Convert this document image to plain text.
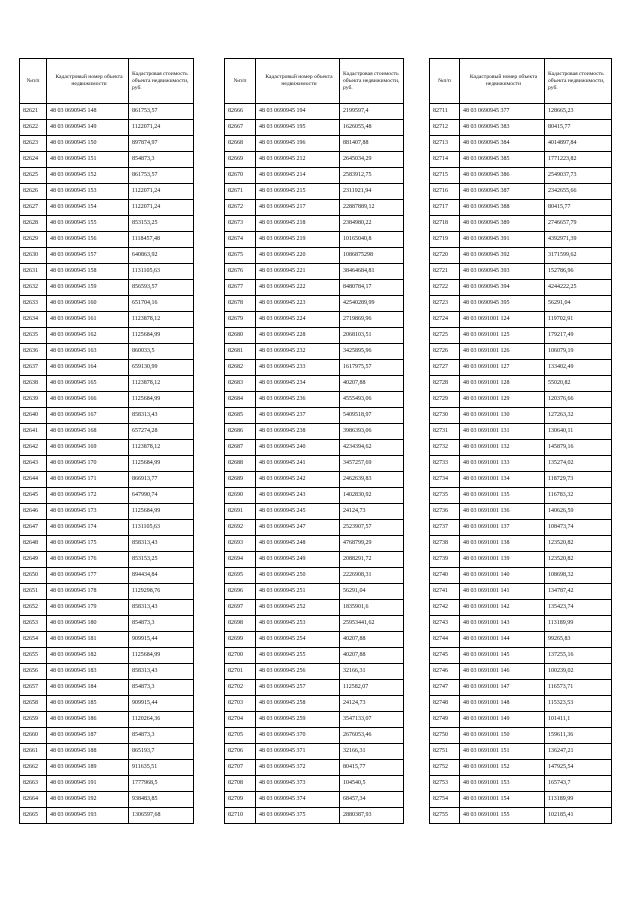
№п/п	Кадастровый номер объекта недвижимости	Кадастровая стоимость объекта недвижимости, руб.
82621	48 03 0690945 148	861753,57
82622	48 03 0690945 149	1122071,24
82623	48 03 0690945 150	897874,97
82624	48 03 0690945 151	854873,3
82625	48 03 0690945 152	861753,57
82626	48 03 0690945 153	1122071,24
82627	48 03 0690945 154	1122071,24
82628	48 03 0690945 155	853153,25
82629	48 03 0690945 156	1118457,48
82630	48 03 0690945 157	640863,92
82631	48 03 0690945 158	1131105,63
82632	48 03 0690945 159	856593,57
82633	48 03 0690945 160	651704,16
82634	48 03 0690945 161	1123878,12
82635	48 03 0690945 162	1125684,99
82636	48 03 0690945 163	860033,5
82637	48 03 0690945 164	659130,99
82638	48 03 0690945 165	1123878,12
82639	48 03 0690945 166	1125684,99
82640	48 03 0690945 167	858313,43
82641	48 03 0690945 168	657274,28
82642	48 03 0690945 169	1123878,12
82643	48 03 0690945 170	1125684,99
82644	48 03 0690945 171	866913,77
82645	48 03 0690945 172	647990,74
82646	48 03 0690945 173	1125684,99
82647	48 03 0690945 174	1131105,63
82648	48 03 0690945 175	858313,43
82649	48 03 0690945 176	853153,25
82650	48 03 0690945 177	894434,84
82651	48 03 0690945 178	1129298,76
82652	48 03 0690945 179	858313,43
82653	48 03 0690945 180	854873,3
82654	48 03 0690945 181	909915,44
82655	48 03 0690945 182	1125684,99
82656	48 03 0690945 183	858313,43
82657	48 03 0690945 184	854873,3
82658	48 03 0690945 185	909915,44
82659	48 03 0690945 186	1120264,36
82660	48 03 0690945 187	854873,3
82661	48 03 0690945 188	865193,7
82662	48 03 0690945 189	911635,51
82663	48 03 0690945 191	1777968,5
82664	48 03 0690945 192	938483,85
82665	48 03 0690945 193	1306597,68
№п/п	Кадастровый номер объекта недвижимости	Кадастровая стоимость объекта недвижимости, руб.
82666	48 03 0690945 194	2199597,4
82667	48 03 0690945 195	1626055,48
82668	48 03 0690945 196	881407,88
82669	48 03 0690945 212	2645034,29
82670	48 03 0690945 214	2583912,75
82671	48 03 0690945 215	2311921,94
82672	48 03 0690945 217	22887889,12
82673	48 03 0690945 218	2384980,22
82674	48 03 0690945 219	10165040,8
82675	48 03 0690945 220	1086875298
82676	48 03 0690945 221	38464684,81
82677	48 03 0690945 222	8480784,17
82678	48 03 0690945 223	42540289,99
82679	48 03 0690945 224	2719869,96
82680	48 03 0690945 228	2068103,51
82681	48 03 0690945 232	3425895,96
82682	48 03 0690945 233	1617975,57
82683	48 03 0690945 234	40207,88
82684	48 03 0690945 236	4555493,06
82685	48 03 0690945 237	5409518,97
82686	48 03 0690945 238	3986393,06
82687	48 03 0690945 240	4234394,62
82688	48 03 0690945 241	3457257,69
82689	48 03 0690945 242	2462639,83
82690	48 03 0690945 243	1402830,92
82691	48 03 0690945 245	24124,73
82692	48 03 0690945 247	2523907,57
82693	48 03 0690945 248	4768799,29
82694	48 03 0690945 249	2088291,72
82695	48 03 0690945 250	2226908,31
82696	48 03 0690945 251	56291,04
82697	48 03 0690945 252	1835901,6
82698	48 03 0690945 253	25953441,62
82699	48 03 0690945 254	40207,88
82700	48 03 0690945 255	40207,88
82701	48 03 0690945 256	32166,31
82702	48 03 0690945 257	112582,07
82703	48 03 0690945 258	24124,73
82704	48 03 0690945 259	3547133,07
82705	48 03 0690945 370	2676053,46
82706	48 03 0690945 371	32166,31
82707	48 03 0690945 372	80415,77
82708	48 03 0690945 373	104540,5
82709	48 03 0690945 374	68457,34
82710	48 03 0690945 375	2880387,93
№п/п	Кадастровый номер объекта недвижимости	Кадастровая стоимость объекта недвижимости, руб.
82711	48 03 0690945 377	128665,23
82712	48 03 0690945 383	80415,77
82713	48 03 0690945 384	4014897,84
82714	48 03 0690945 385	1771223,82
82715	48 03 0690945 386	2549037,73
82716	48 03 0690945 387	2342655,66
82717	48 03 0690945 388	80415,77
82718	48 03 0690945 389	2746657,79
82719	48 03 0690945 391	4392971,39
82720	48 03 0690945 392	3171599,62
82721	48 03 0690945 393	152786,96
82722	48 03 0690945 394	4244222,25
82723	48 03 0690945 395	56291,04
82724	48 03 0691001 124	119702,91
82725	48 03 0691001 125	179217,49
82726	48 03 0691001 126	106079,19
82727	48 03 0691001 127	133402,49
82728	48 03 0691001 128	55020,82
82729	48 03 0691001 129	120376,66
82730	48 03 0691001 130	127263,32
82731	48 03 0691001 131	130640,11
82732	48 03 0691001 132	145879,16
82733	48 03 0691001 133	135274,02
82734	48 03 0691001 134	118729,73
82735	48 03 0691001 135	116783,32
82736	48 03 0691001 136	140626,59
82737	48 03 0691001 137	108473,74
82738	48 03 0691001 138	123520,82
82739	48 03 0691001 139	123520,82
82740	48 03 0691001 140	108698,32
82741	48 03 0691001 141	134787,42
82742	48 03 0691001 142	135423,74
82743	48 03 0691001 143	113189,99
82744	48 03 0691001 144	99265,83
82745	48 03 0691001 145	137255,16
82746	48 03 0691001 146	100239,02
82747	48 03 0691001 147	116573,71
82748	48 03 0691001 148	115323,53
82749	48 03 0691001 149	101411,1
82750	48 03 0691001 150	159611,36
82751	48 03 0691001 151	136247,21
82752	48 03 0691001 152	147925,54
82753	48 03 0691001 153	165743,7
82754	48 03 0691001 154	113189,99
82755	48 03 0691001 155	102185,41
